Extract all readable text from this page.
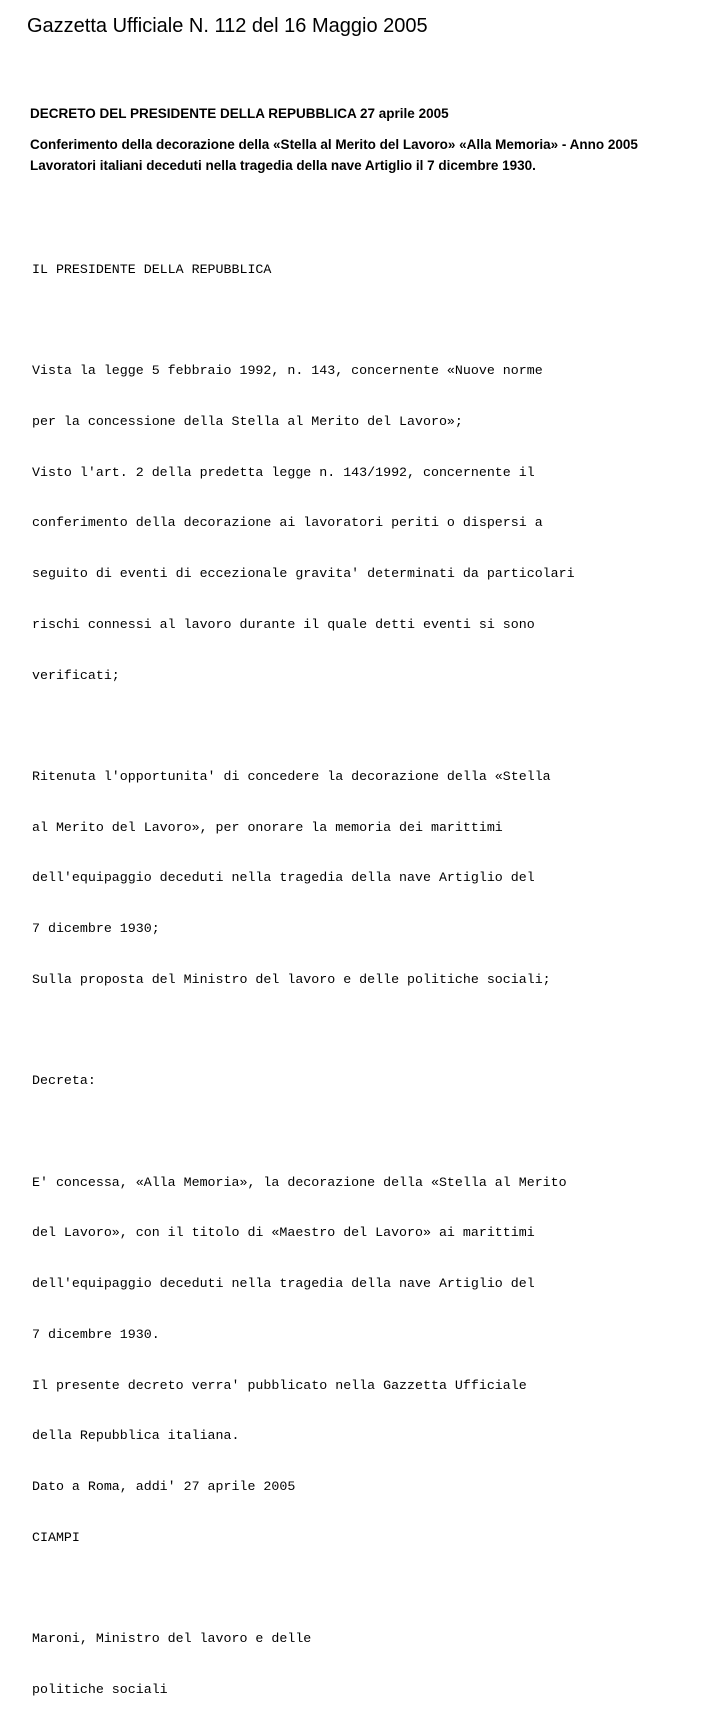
Gazzetta Ufficiale N. 112 del 16 Maggio 2005
DECRETO DEL PRESIDENTE DELLA REPUBBLICA 27 aprile 2005
Conferimento della decorazione della «Stella al Merito del Lavoro» «Alla Memoria» - Anno 2005
Lavoratori italiani deceduti nella tragedia della nave Artiglio il 7 dicembre 1930.

IL PRESIDENTE DELLA REPUBBLICA

Vista la legge 5 febbraio 1992, n. 143, concernente «Nuove norme

per la concessione della Stella al Merito del Lavoro»;

Visto l'art. 2 della predetta legge n. 143/1992, concernente il

conferimento della decorazione ai lavoratori periti o dispersi a

seguito di eventi di eccezionale gravita' determinati da particolari

rischi connessi al lavoro durante il quale detti eventi si sono

verificati;

Ritenuta l'opportunita' di concedere la decorazione della «Stella

al Merito del Lavoro», per onorare la memoria dei marittimi

dell'equipaggio deceduti nella tragedia della nave Artiglio del

7 dicembre 1930;

Sulla proposta del Ministro del lavoro e delle politiche sociali;

Decreta:

E' concessa, «Alla Memoria», la decorazione della «Stella al Merito

del Lavoro», con il titolo di «Maestro del Lavoro» ai marittimi

dell'equipaggio deceduti nella tragedia della nave Artiglio del

7 dicembre 1930.

Il presente decreto verra' pubblicato nella Gazzetta Ufficiale

della Repubblica italiana.

Dato a Roma, addi' 27 aprile 2005

CIAMPI

Maroni, Ministro del lavoro e delle

politiche sociali
